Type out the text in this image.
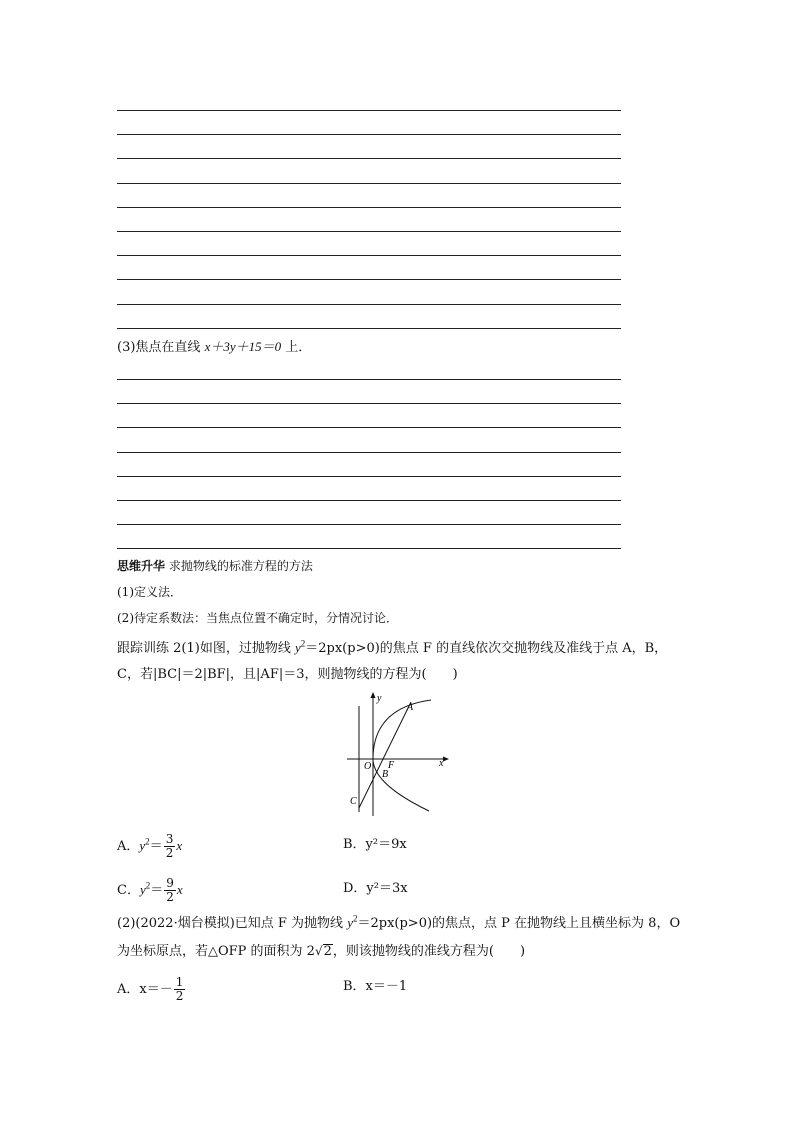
(3)焦点在直线 x＋3y＋15＝0 上．
思维升华 求抛物线的标准方程的方法
(1)定义法．
(2)待定系数法：当焦点位置不确定时，分情况讨论．
跟踪训练 2(1)如图，过抛物线 $y^2=2px(p>0)$的焦点 F 的直线依次交抛物线及准线于点 A，B，
C，若|BC|＝2|BF|，且|AF|＝3，则抛物线的方程为(　　)
y
x
O F
A
B
C
A．$y^2= \frac{3}{2}$ x	B．y²＝9x
C．$y^2= \frac{9}{2}$ x	D．y²＝3x
(2)(2022·烟台模拟)已知点 F 为抛物线 $y^2=2px(p>0)$的焦点，点 P 在抛物线上且横坐标为 8，O
为坐标原点，若△OFP 的面积为 2√2，则该抛物线的准线方程为(　　)
A．$x=- \frac{1}{2}$	B．x＝－1
